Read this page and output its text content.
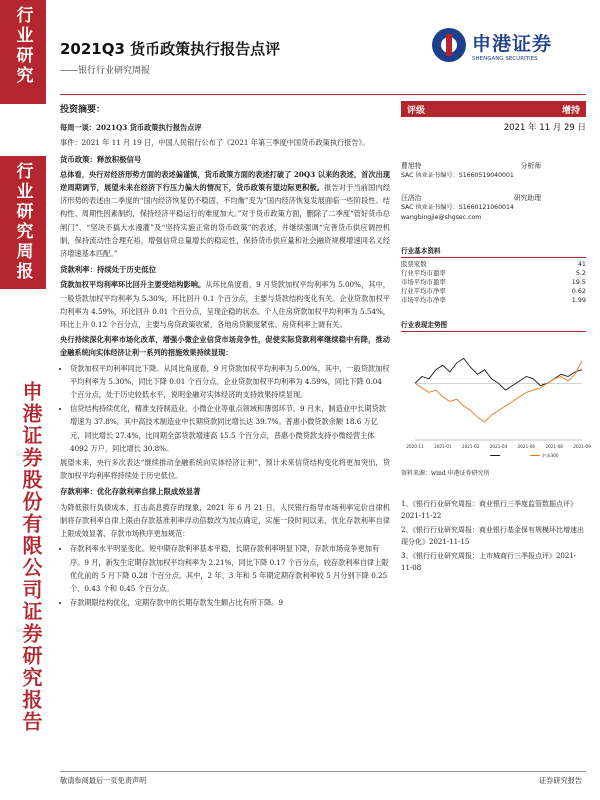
行业研究
行业研究周报
申港证券股份有限公司证券研究报告
2021Q3 货币政策执行报告点评
——银行行业研究周报
申港证券
SHENGANG SECURITIES

投资摘要：

每周一谈：2021Q3 货币政策执行报告点评

事件：2021 年 11 月 19 日，中国人民银行公布了《2021 年第三季度中国货币政策执行报告》。

货币政策：释放积极信号

总体看，央行对经济形势方面的表述偏谨慎，货币政策方面的表述打破了 20Q3 以来的表述，首次出现逆周期调节，展望未来在经济下行压力偏大的情况下，货币政策有望边际更积极。报告对于当前国内经济形势的表述由二季度的“国内经济恢复仍不稳固、不均衡”变为“国内经济恢复发展面临一些阶段性、结构性、周期性因素制约，保持经济平稳运行的难度加大。”对于货币政策方面，删除了二季度“管好货币总闸门”、“坚决不搞大水漫灌”及“坚持实施正常的货币政策”的表述，并继续强调“完善货币供应调控机制，保持流动性合理充裕，增强信贷总量增长的稳定性，保持货币供应量和社会融资规模增速同名义经济增速基本匹配。”

贷款利率：持续处于历史低位

贷款加权平均利率环比回升主要受结构影响。从环比角度看，9 月贷款加权平均利率为 5.00%，其中，一般贷款加权平均利率为 5.30%，环比回升 0.1 个百分点，主要与贷款结构变化有关。企业贷款加权平均利率为 4.59%，环比回升 0.01 个百分点，呈现企稳的状态。个人住房贷款加权平均利率为 5.54%，环比上升 0.12 个百分点，主要与房贷政策收紧，各地房贷额度紧张、房贷利率上调有关。

央行持续深化利率市场化改革，增强小微企业信贷市场竞争性，促使实际贷款利率继续稳中有降，推动金融系统向实体经济让利一系列的措施效果持续显现：

• 贷款加权平均利率同比下降。从同比角度看，9 月贷款加权平均利率为 5.00%，其中，一般贷款加权平均利率为 5.30%，同比下降 0.01 个百分点。企业贷款加权平均利率为 4.59%，同比下降 0.04 个百分点，处于历史较低水平，说明金融对实体经济的支持效果持续显现。
• 信贷结构持续优化，精准支持制造业、小微企业等重点领域和薄弱环节。9 月末，制造业中长期贷款增速为 37.8%，其中高技术制造业中长期贷款同比增长达 39.7%。普惠小微贷款余额 18.6 万亿元，同比增长 27.4%，比同期全部贷款增速高 15.5 个百分点，普惠小微贷款支持小微经营主体 4092 万户，同比增长 30.8%。

展望未来，央行多次表达“继续推动金融系统向实体经济让利”，预计未来信贷结构变化将更加突出，贷款加权平均利率将持续处于历史低位。

存款利率：优化存款利率自律上限成效显著

为降低银行负债成本，打击高息揽存的现象，2021 年 6 月 21 日，人民银行指导市场利率定价自律机制将存款利率自律上限由存款基准利率浮动倍数改为加点确定，实施一段时间以来，优化存款利率自律上限成效显著，存款市场秩序更加规范：

• 存款利率水平明显变化。短中期存款利率基本平稳，长期存款利率明显下降，存款市场竞争更加有序。9 月，新发生定期存款加权平均利率为 2.21%，同比下降 0.17 个百分点，较存款利率自律上限优化前的 5 月下降 0.28 个百分点。其中，2 年、3 年和 5 年期定期存款利率较 5 月分别下降 0.25 个、0.43 个和 0.45 个百分点。
• 存款期限结构优化，定期存款中的长期存款发生额占比有所下降。9
评级	增持
2021 年 11 月 29 日
曹旭特	分析师
SAC 执业证书编号：S1660519040001
汪洛治	研究助理
SAC 执业证书编号：S1660121060014
wangbingjie@shgsec.com
行业基本资料
股票家数	41
行业平均市盈率	5.2
市场平均市盈率	19.5
行业平均市净率	0.62
市场平均市净率	1.99
行业表现走势图
2020-11 2021-01 2021-02 2021-04 2021-06 2021-08 2021-09
沪深300
资料来源：wind 申港证券研究所

1、《银行行业研究周报：商业银行三季度监管数据点评》2021-11-22

2、《银行行业研究周报：商业银行基金保有规模环比增速出现分化》2021-11-15

3、《银行行业研究周报：上市城商行三季报点评》2021-11-08

敬请参阅最后一页免责声明	证券研究报告
